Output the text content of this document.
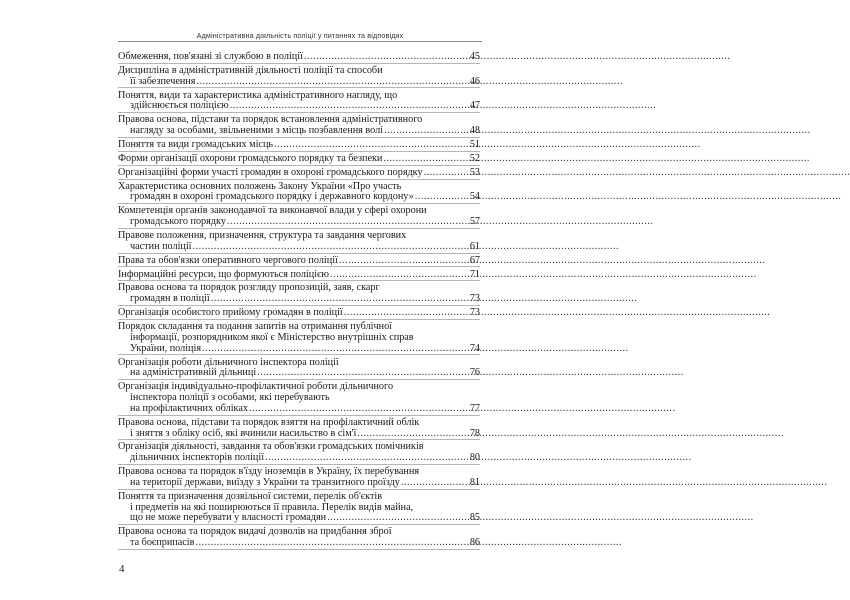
Адміністративна діяльність поліції у питаннях та відповідях
Обмеження, пов'язані зі службою в поліції .....	45
Дисципліна в адміністративній діяльності поліції та способи
її забезпечення .....	46
Поняття, види та характеристика адміністративного нагляду, що
здійснюється поліцією .....	47
Правова основа, підстави та порядок встановлення адміністративного
нагляду за особами, звільненими з місць позбавлення волі .....	48
Поняття та види громадських місць .....	51
Форми організації охорони громадського порядку та безпеки .....	52
Організаційні форми участі громадян в охороні громадського порядку .....	53
Характеристика основних положень Закону України «Про участь
громадян в охороні громадського порядку і державного кордону» .....	54
Компетенція органів законодавчої та виконавчої влади у сфері охорони
громадського порядку .....	57
Правове положення, призначення, структура та завдання чергових
частин поліції .....	61
Права та обов'язки оперативного чергового поліції .....	67
Інформаційні ресурси, що формуються поліцією .....	71
Правова основа та порядок розгляду пропозицій, заяв, скарг
громадян в поліції .....	73
Організація особистого прийому громадян в поліції .....	73
Порядок складання та подання запитів на отримання публічної
інформації, розпорядником якої є Міністерство внутрішніх справ
України, поліція .....	74
Організація роботи дільничного інспектора поліції
на адміністративній дільниці .....	76
Організація індивідуально-профілактичної роботи дільничного
інспектора поліції з особами, які перебувають
на профілактичних обліках .....	77
Правова основа, підстави та порядок взяття на профілактичний облік
і зняття з обліку осіб, які вчинили насильство в сім'ї .....	78
Організація діяльності, завдання та обов'язки громадських помічників
дільничних інспекторів поліції .....	80
Правова основа та порядок в'їзду іноземців в Україну, їх перебування
на території держави, виїзду з України та транзитного проїзду .....	81
Поняття та призначення дозвільної системи, перелік об'єктів
і предметів на які поширюються її правила. Перелік видів майна,
що не може перебувати у власності громадян .....	85
Правова основа та порядок видачі дозволів на придбання зброї
та боєприпасів .....	86
4
